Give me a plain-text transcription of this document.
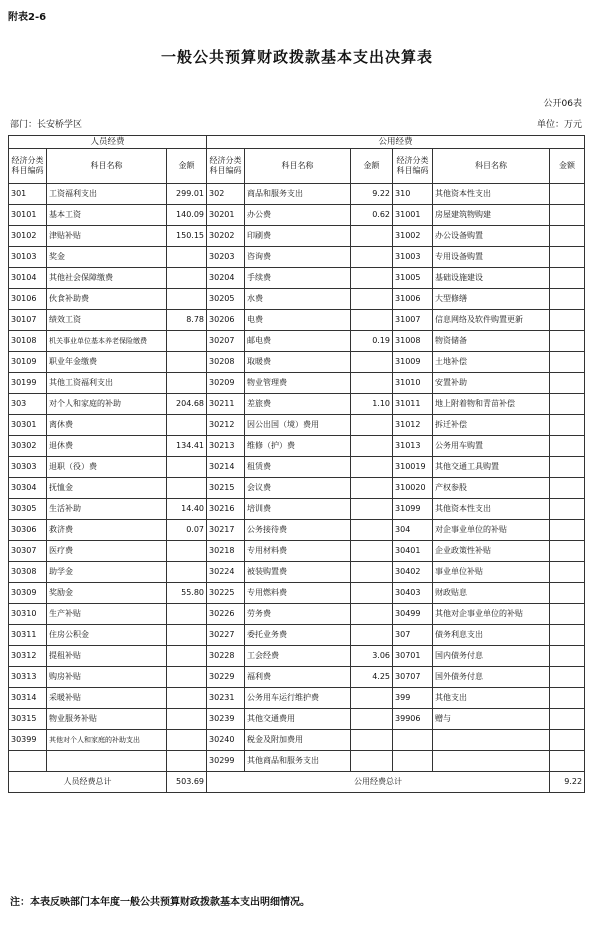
附表2-6
一般公共预算财政拨款基本支出决算表
公开06表
部门：长安桥学区	单位：万元
人员经费			公用经费					
经济分类科目编码	科目名称	金额	经济分类科目编码	科目名称	金额	经济分类科目编码	科目名称	金额
301	工资福利支出	299.01	302	商品和服务支出	9.22	310	其他资本性支出	
30101	基本工资	140.09	30201	办公费	0.62	31001	房屋建筑物购建	
30102	津贴补贴	150.15	30202	印刷费		31002	办公设备购置	
30103	奖金		30203	咨询费		31003	专用设备购置	
30104	其他社会保障缴费		30204	手续费		31005	基础设施建设	
30106	伙食补助费		30205	水费		31006	大型修缮	
30107	绩效工资	8.78	30206	电费		31007	信息网络及软件购置更新	
30108	机关事业单位基本养老保险缴费		30207	邮电费	0.19	31008	物资储备	
30109	职业年金缴费		30208	取暖费		31009	土地补偿	
30199	其他工资福利支出		30209	物业管理费		31010	安置补助	
303	对个人和家庭的补助	204.68	30211	差旅费	1.10	31011	地上附着物和青苗补偿	
30301	离休费		30212	因公出国（境）费用		31012	拆迁补偿	
30302	退休费	134.41	30213	维修（护）费		31013	公务用车购置	
30303	退职（役）费		30214	租赁费		310019	其他交通工具购置	
30304	抚恤金		30215	会议费		310020	产权参股	
30305	生活补助	14.40	30216	培训费		31099	其他资本性支出	
30306	救济费	0.07	30217	公务接待费		304	对企事业单位的补贴	
30307	医疗费		30218	专用材料费		30401	企业政策性补贴	
30308	助学金		30224	被装购置费		30402	事业单位补贴	
30309	奖励金	55.80	30225	专用燃料费		30403	财政贴息	
30310	生产补贴		30226	劳务费		30499	其他对企事业单位的补贴	
30311	住房公积金		30227	委托业务费		307	债务利息支出	
30312	提租补贴		30228	工会经费	3.06	30701	国内债务付息	
30313	购房补贴		30229	福利费	4.25	30707	国外债务付息	
30314	采暖补贴		30231	公务用车运行维护费		399	其他支出	
30315	物业服务补贴		30239	其他交通费用		39906	赠与	
30399	其他对个人和家庭的补助支出		30240	税金及附加费用				
			30299	其他商品和服务支出				
人员经费总计		503.69	公用经费总计					9.22
注：本表反映部门本年度一般公共预算财政拨款基本支出明细情况。
